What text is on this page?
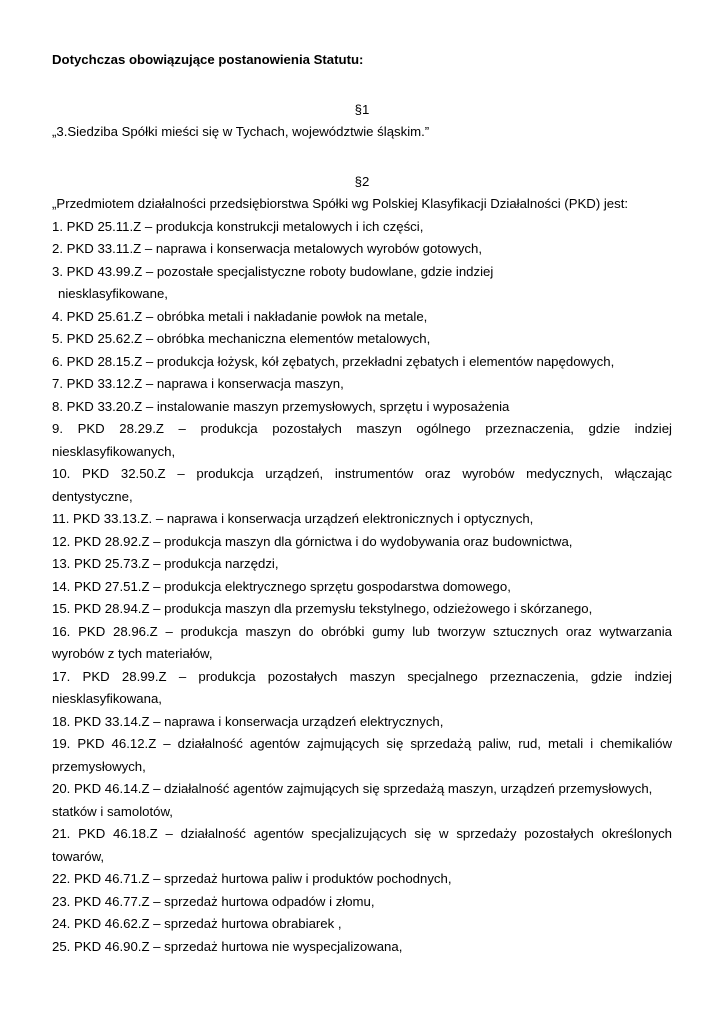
Dotychczas obowiązujące postanowienia Statutu:

§1

„3.Siedziba Spółki mieści się w Tychach, województwie śląskim.”

§2

„Przedmiotem działalności przedsiębiorstwa Spółki wg Polskiej Klasyfikacji Działalności (PKD) jest:

1. PKD 25.11.Z – produkcja konstrukcji metalowych i ich części,
2. PKD 33.11.Z – naprawa i konserwacja metalowych wyrobów gotowych,
3. PKD 43.99.Z – pozostałe specjalistyczne roboty budowlane, gdzie indziej
niesklasyfikowane,
4. PKD 25.61.Z – obróbka metali i nakładanie powłok na metale,
5. PKD 25.62.Z – obróbka mechaniczna elementów metalowych,
6. PKD 28.15.Z – produkcja łożysk, kół zębatych, przekładni zębatych i elementów napędowych,
7. PKD 33.12.Z – naprawa i konserwacja maszyn,
8. PKD 33.20.Z – instalowanie maszyn przemysłowych, sprzętu i wyposażenia
9. PKD 28.29.Z – produkcja pozostałych maszyn ogólnego przeznaczenia, gdzie indziej niesklasyfikowanych,
10. PKD 32.50.Z – produkcja urządzeń, instrumentów oraz wyrobów medycznych, włączając dentystyczne,
11. PKD 33.13.Z. – naprawa i konserwacja urządzeń elektronicznych i optycznych,
12. PKD 28.92.Z – produkcja maszyn dla górnictwa i do wydobywania oraz budownictwa,
13. PKD 25.73.Z – produkcja narzędzi,
14. PKD 27.51.Z – produkcja elektrycznego sprzętu gospodarstwa domowego,
15. PKD 28.94.Z – produkcja maszyn dla przemysłu tekstylnego, odzieżowego i skórzanego,
16. PKD 28.96.Z – produkcja maszyn do obróbki gumy lub tworzyw sztucznych oraz wytwarzania wyrobów z tych materiałów,
17. PKD 28.99.Z – produkcja pozostałych maszyn specjalnego przeznaczenia, gdzie indziej niesklasyfikowana,
18. PKD 33.14.Z – naprawa i konserwacja urządzeń elektrycznych,
19. PKD 46.12.Z – działalność agentów zajmujących się sprzedażą paliw, rud, metali i chemikaliów przemysłowych,
20. PKD 46.14.Z – działalność agentów zajmujących się sprzedażą maszyn, urządzeń przemysłowych, statków i samolotów,
21. PKD 46.18.Z – działalność agentów specjalizujących się w sprzedaży pozostałych określonych towarów,
22. PKD 46.71.Z – sprzedaż hurtowa paliw i produktów pochodnych,
23. PKD 46.77.Z – sprzedaż hurtowa odpadów i złomu,
24. PKD 46.62.Z – sprzedaż hurtowa obrabiarek ,
25. PKD 46.90.Z – sprzedaż hurtowa nie wyspecjalizowana,
